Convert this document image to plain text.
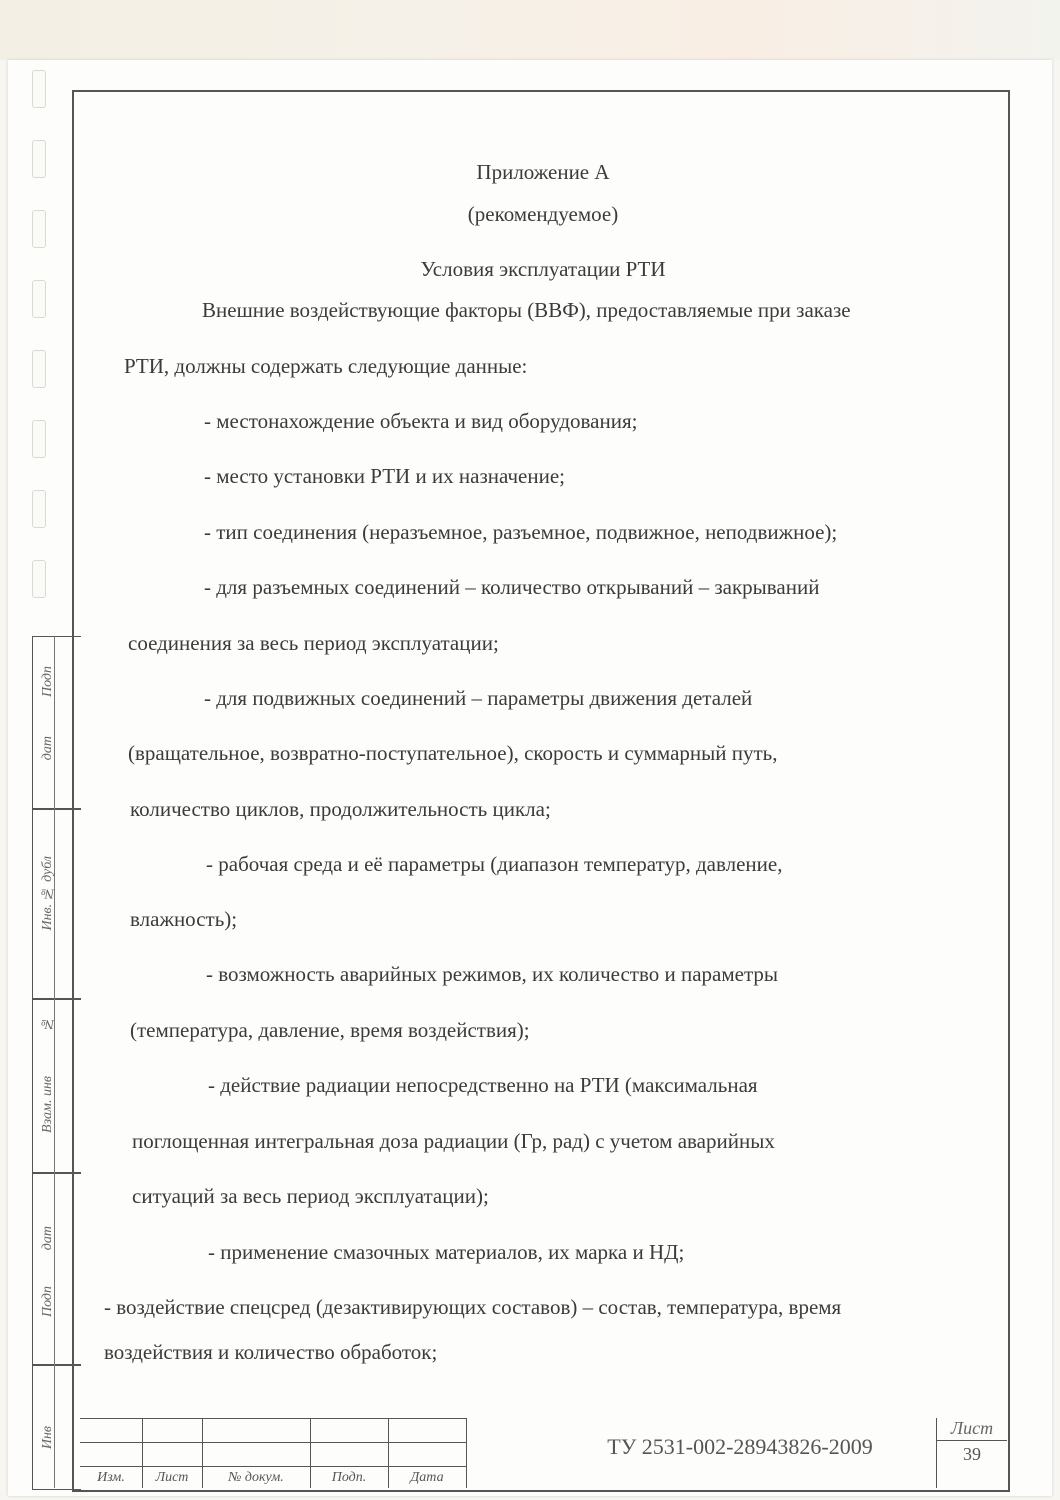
Подп
дат
Инв. № дубл
№
Взам. инв
дат
Подп
Инв
Приложение А
(рекомендуемое)
Условия эксплуатации РТИ
Внешние воздействующие факторы (ВВФ), предоставляемые при заказе
РТИ, должны содержать следующие данные:
- местонахождение объекта и вид оборудования;
- место установки РТИ и их назначение;
- тип соединения (неразъемное, разъемное, подвижное, неподвижное);
- для разъемных соединений – количество открываний – закрываний
соединения за весь период эксплуатации;
- для подвижных соединений – параметры движения деталей
(вращательное, возвратно-поступательное), скорость и суммарный путь,
количество циклов, продолжительность цикла;
- рабочая среда и её параметры (диапазон температур, давление,
влажность);
- возможность аварийных режимов, их количество и параметры
(температура, давление, время воздействия);
- действие радиации непосредственно на РТИ (максимальная
поглощенная интегральная доза радиации (Гр, рад) с учетом аварийных
ситуаций за весь период эксплуатации);
- применение смазочных материалов, их марка и НД;
- воздействие спецсред (дезактивирующих составов) – состав, температура, время
воздействия и количество обработок;
Изм.	Лист	№ докум.	Подп.	Дата
ТУ 2531-002-28943826-2009
Лист
39
